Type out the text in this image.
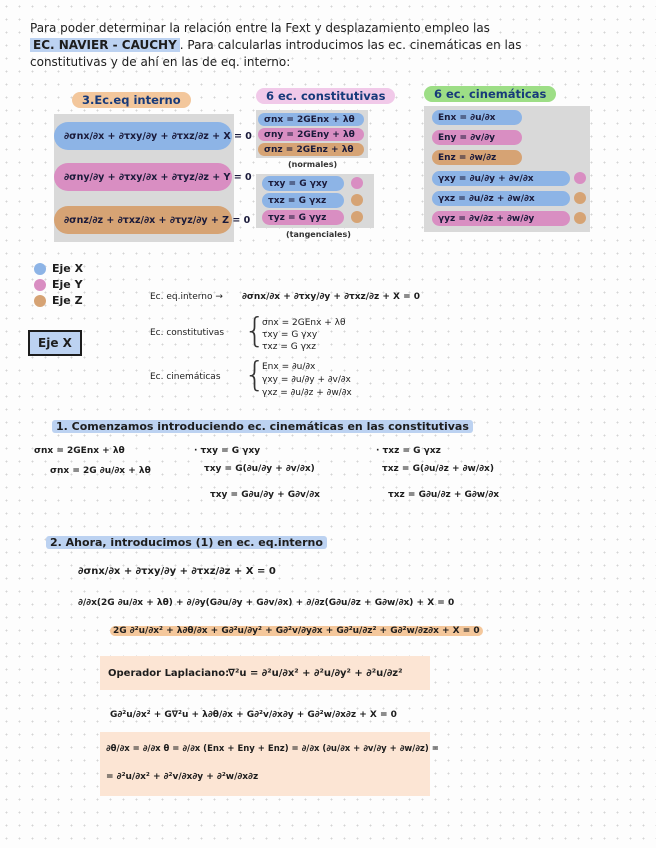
Para poder determinar la relación entre la Fext y desplazamiento empleo las
EC. NAVIER - CAUCHY . Para calcularlas introducimos las ec. cinemáticas en las
constitutivas y de ahí en las de eq. interno:
3.Ec.eq interno
∂σnx/∂x + ∂τxy/∂y + ∂τxz/∂z + X = 0
∂σny/∂y + ∂τxy/∂x + ∂τyz/∂z + Y = 0
∂σnz/∂z + ∂τxz/∂x + ∂τyz/∂y + Z = 0
6 ec. constitutivas
σnx = 2GEnx + λθ
σny = 2GEny + λθ
σnz = 2GEnz + λθ
(normales)
τxy = G γxy
τxz = G γxz
τyz = G γyz
(tangenciales)
6 ec. cinemáticas
Enx = ∂u/∂x
Eny = ∂v/∂y
Enz = ∂w/∂z
γxy = ∂u/∂y + ∂v/∂x
γxz = ∂u/∂z + ∂w/∂x
γyz = ∂v/∂z + ∂w/∂y
Eje X
Eje Y
Eje Z
Eje X
Ec. eq.interno → ∂σnx/∂x + ∂τxy/∂y + ∂τxz/∂z + X = 0
Ec. constitutivas {
σnx = 2GEnx + λθ
τxy = G γxy
τxz = G γxz
Ec. cinemáticas {
Enx = ∂u/∂x
γxy = ∂u/∂y + ∂v/∂x
γxz = ∂u/∂z + ∂w/∂x
1. Comenzamos introduciendo ec. cinemáticas en las constitutivas
σnx = 2GEnx + λθ
σnx = 2G ∂u/∂x + λθ
· τxy = G γxy
τxy = G(∂u/∂y + ∂v/∂x)
τxy = G∂u/∂y + G∂v/∂x
· τxz = G γxz
τxz = G(∂u/∂z + ∂w/∂x)
τxz = G∂u/∂z + G∂w/∂x
2. Ahora, introducimos (1) en ec. eq.interno
∂σnx/∂x + ∂τxy/∂y + ∂τxz/∂z + X = 0
∂/∂x(2G ∂u/∂x + λθ) + ∂/∂y(G∂u/∂y + G∂v/∂x) + ∂/∂z(G∂u/∂z + G∂w/∂x) + X = 0
2G ∂²u/∂x² + λ∂θ/∂x + G∂²u/∂y² + G∂²v/∂y∂x + G∂²u/∂z² + G∂²w/∂z∂x + X = 0
Operador Laplaciano:
∇²u = ∂²u/∂x² + ∂²u/∂y² + ∂²u/∂z²
G∂²u/∂x² + G∇²u + λ∂θ/∂x + G∂²v/∂x∂y + G∂²w/∂x∂z + X = 0
∂θ/∂x = ∂/∂x θ = ∂/∂x (Enx + Eny + Enz) = ∂/∂x (∂u/∂x + ∂v/∂y + ∂w/∂z) =
= ∂²u/∂x² + ∂²v/∂x∂y + ∂²w/∂x∂z
